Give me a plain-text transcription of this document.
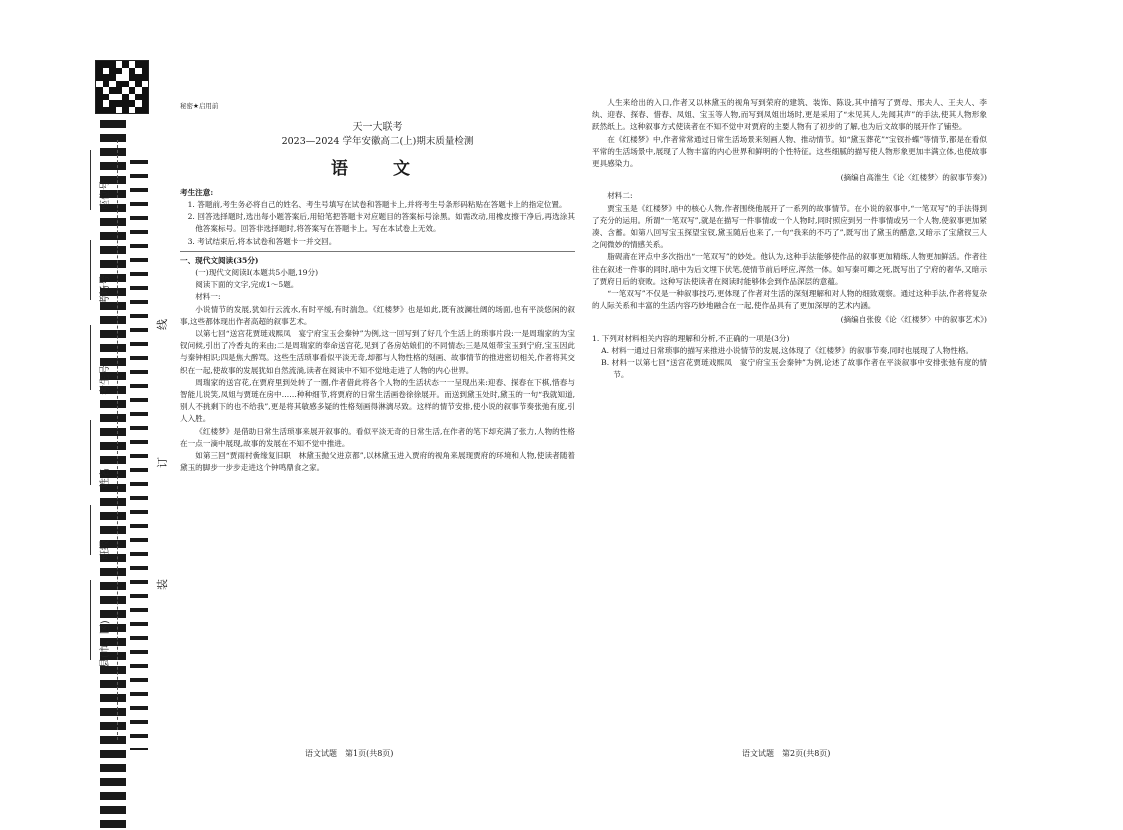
座位号
考场号
考生号
姓名
班级
县(市、区)
线
订
装
秘密★启用前
天一大联考
2023—2024 学年安徽高二(上)期末质量检测
语　文

考生注意:

1. 答题前,考生务必将自己的姓名、考生号填写在试卷和答题卡上,并将考生号条形码粘贴在答题卡上的指定位置。

2. 回答选择题时,选出每小题答案后,用铅笔把答题卡对应题目的答案标号涂黑。如需改动,用橡皮擦干净后,再选涂其他答案标号。回答非选择题时,将答案写在答题卡上。写在本试卷上无效。

3. 考试结束后,将本试卷和答题卡一并交回。

一、现代文阅读(35分)

(一)现代文阅读Ⅰ(本题共5小题,19分)

阅读下面的文字,完成1～5题。

材料一:

小说情节的发展,犹如行云流水,有时平缓,有时湍急。《红楼梦》也是如此,既有波澜壮阔的场面,也有平淡悠闲的叙事,这些都体现出作者高超的叙事艺术。

以第七回“送宫花贾琏戏熙凤　宴宁府宝玉会秦钟”为例,这一回写到了好几个生活上的琐事片段:一是周瑞家的为宝钗问候,引出了冷香丸的来由;二是周瑞家的奉命送宫花,见到了各房姑娘们的不同情态;三是凤姐带宝玉到宁府,宝玉因此与秦钟相识;四是焦大醉骂。这些生活琐事看似平淡无奇,却都与人物性格的刻画、故事情节的推进密切相关,作者将其交织在一起,使故事的发展犹如自然流淌,读者在阅读中不知不觉地走进了人物的内心世界。

周瑞家的送宫花,在贾府里到处转了一圈,作者借此将各个人物的生活状态一一呈现出来:迎春、探春在下棋,惜春与智能儿说笑,凤姐与贾琏在房中……种种细节,将贾府的日常生活画卷徐徐展开。而送到黛玉处时,黛玉的一句“我就知道,别人不挑剩下的也不给我”,更是将其敏感多疑的性格刻画得淋漓尽致。这样的情节安排,使小说的叙事节奏张弛有度,引人入胜。

《红楼梦》是借助日常生活琐事来展开叙事的。看似平淡无奇的日常生活,在作者的笔下却充满了张力,人物的性格在一点一滴中展现,故事的发展在不知不觉中推进。

如第三回“贾雨村夤缘复旧职　林黛玉抛父进京都”,以林黛玉进入贾府的视角来展现贾府的环境和人物,使读者随着黛玉的脚步一步步走进这个钟鸣鼎食之家。

人生来给出的入口,作者又以林黛玉的视角写到荣府的建筑、装饰、陈设,其中描写了贾母、邢夫人、王夫人、李纨、迎春、探春、惜春、凤姐、宝玉等人物,而写到凤姐出场时,更是采用了“未见其人,先闻其声”的手法,使其人物形象跃然纸上。这种叙事方式使读者在不知不觉中对贾府的主要人物有了初步的了解,也为后文故事的展开作了铺垫。

在《红楼梦》中,作者常常通过日常生活场景来刻画人物、推动情节。如“黛玉葬花”“宝钗扑蝶”等情节,都是在看似平常的生活场景中,展现了人物丰富的内心世界和鲜明的个性特征。这些细腻的描写使人物形象更加丰满立体,也使故事更具感染力。

(摘编自高淮生《论〈红楼梦〉的叙事节奏》)

材料二:

贾宝玉是《红楼梦》中的核心人物,作者围绕他展开了一系列的故事情节。在小说的叙事中,“一笔双写”的手法得到了充分的运用。所谓“一笔双写”,就是在描写一件事情或一个人物时,同时照应到另一件事情或另一个人物,使叙事更加紧凑、含蓄。如第八回写宝玉探望宝钗,黛玉随后也来了,一句“我来的不巧了”,既写出了黛玉的醋意,又暗示了宝黛钗三人之间微妙的情感关系。

脂砚斋在评点中多次指出“一笔双写”的妙处。他认为,这种手法能够使作品的叙事更加精练,人物更加鲜活。作者往往在叙述一件事的同时,暗中为后文埋下伏笔,使情节前后呼应,浑然一体。如写秦可卿之死,既写出了宁府的奢华,又暗示了贾府日后的衰败。这种写法使读者在阅读时能够体会到作品深层的意蕴。

“一笔双写”不仅是一种叙事技巧,更体现了作者对生活的深刻理解和对人物的细致观察。通过这种手法,作者将复杂的人际关系和丰富的生活内容巧妙地融合在一起,使作品具有了更加深厚的艺术内涵。

(摘编自张俊《论〈红楼梦〉中的叙事艺术》)

1. 下列对材料相关内容的理解和分析,不正确的一项是(3分)

A. 材料一通过日常琐事的描写来推进小说情节的发展,这体现了《红楼梦》的叙事节奏,同时也展现了人物性格。

B. 材料一以第七回“送宫花贾琏戏熙凤　宴宁府宝玉会秦钟”为例,论述了故事作者在平淡叙事中安排张弛有度的情节。

语文试题　第1页(共8页)	语文试题　第2页(共8页)
